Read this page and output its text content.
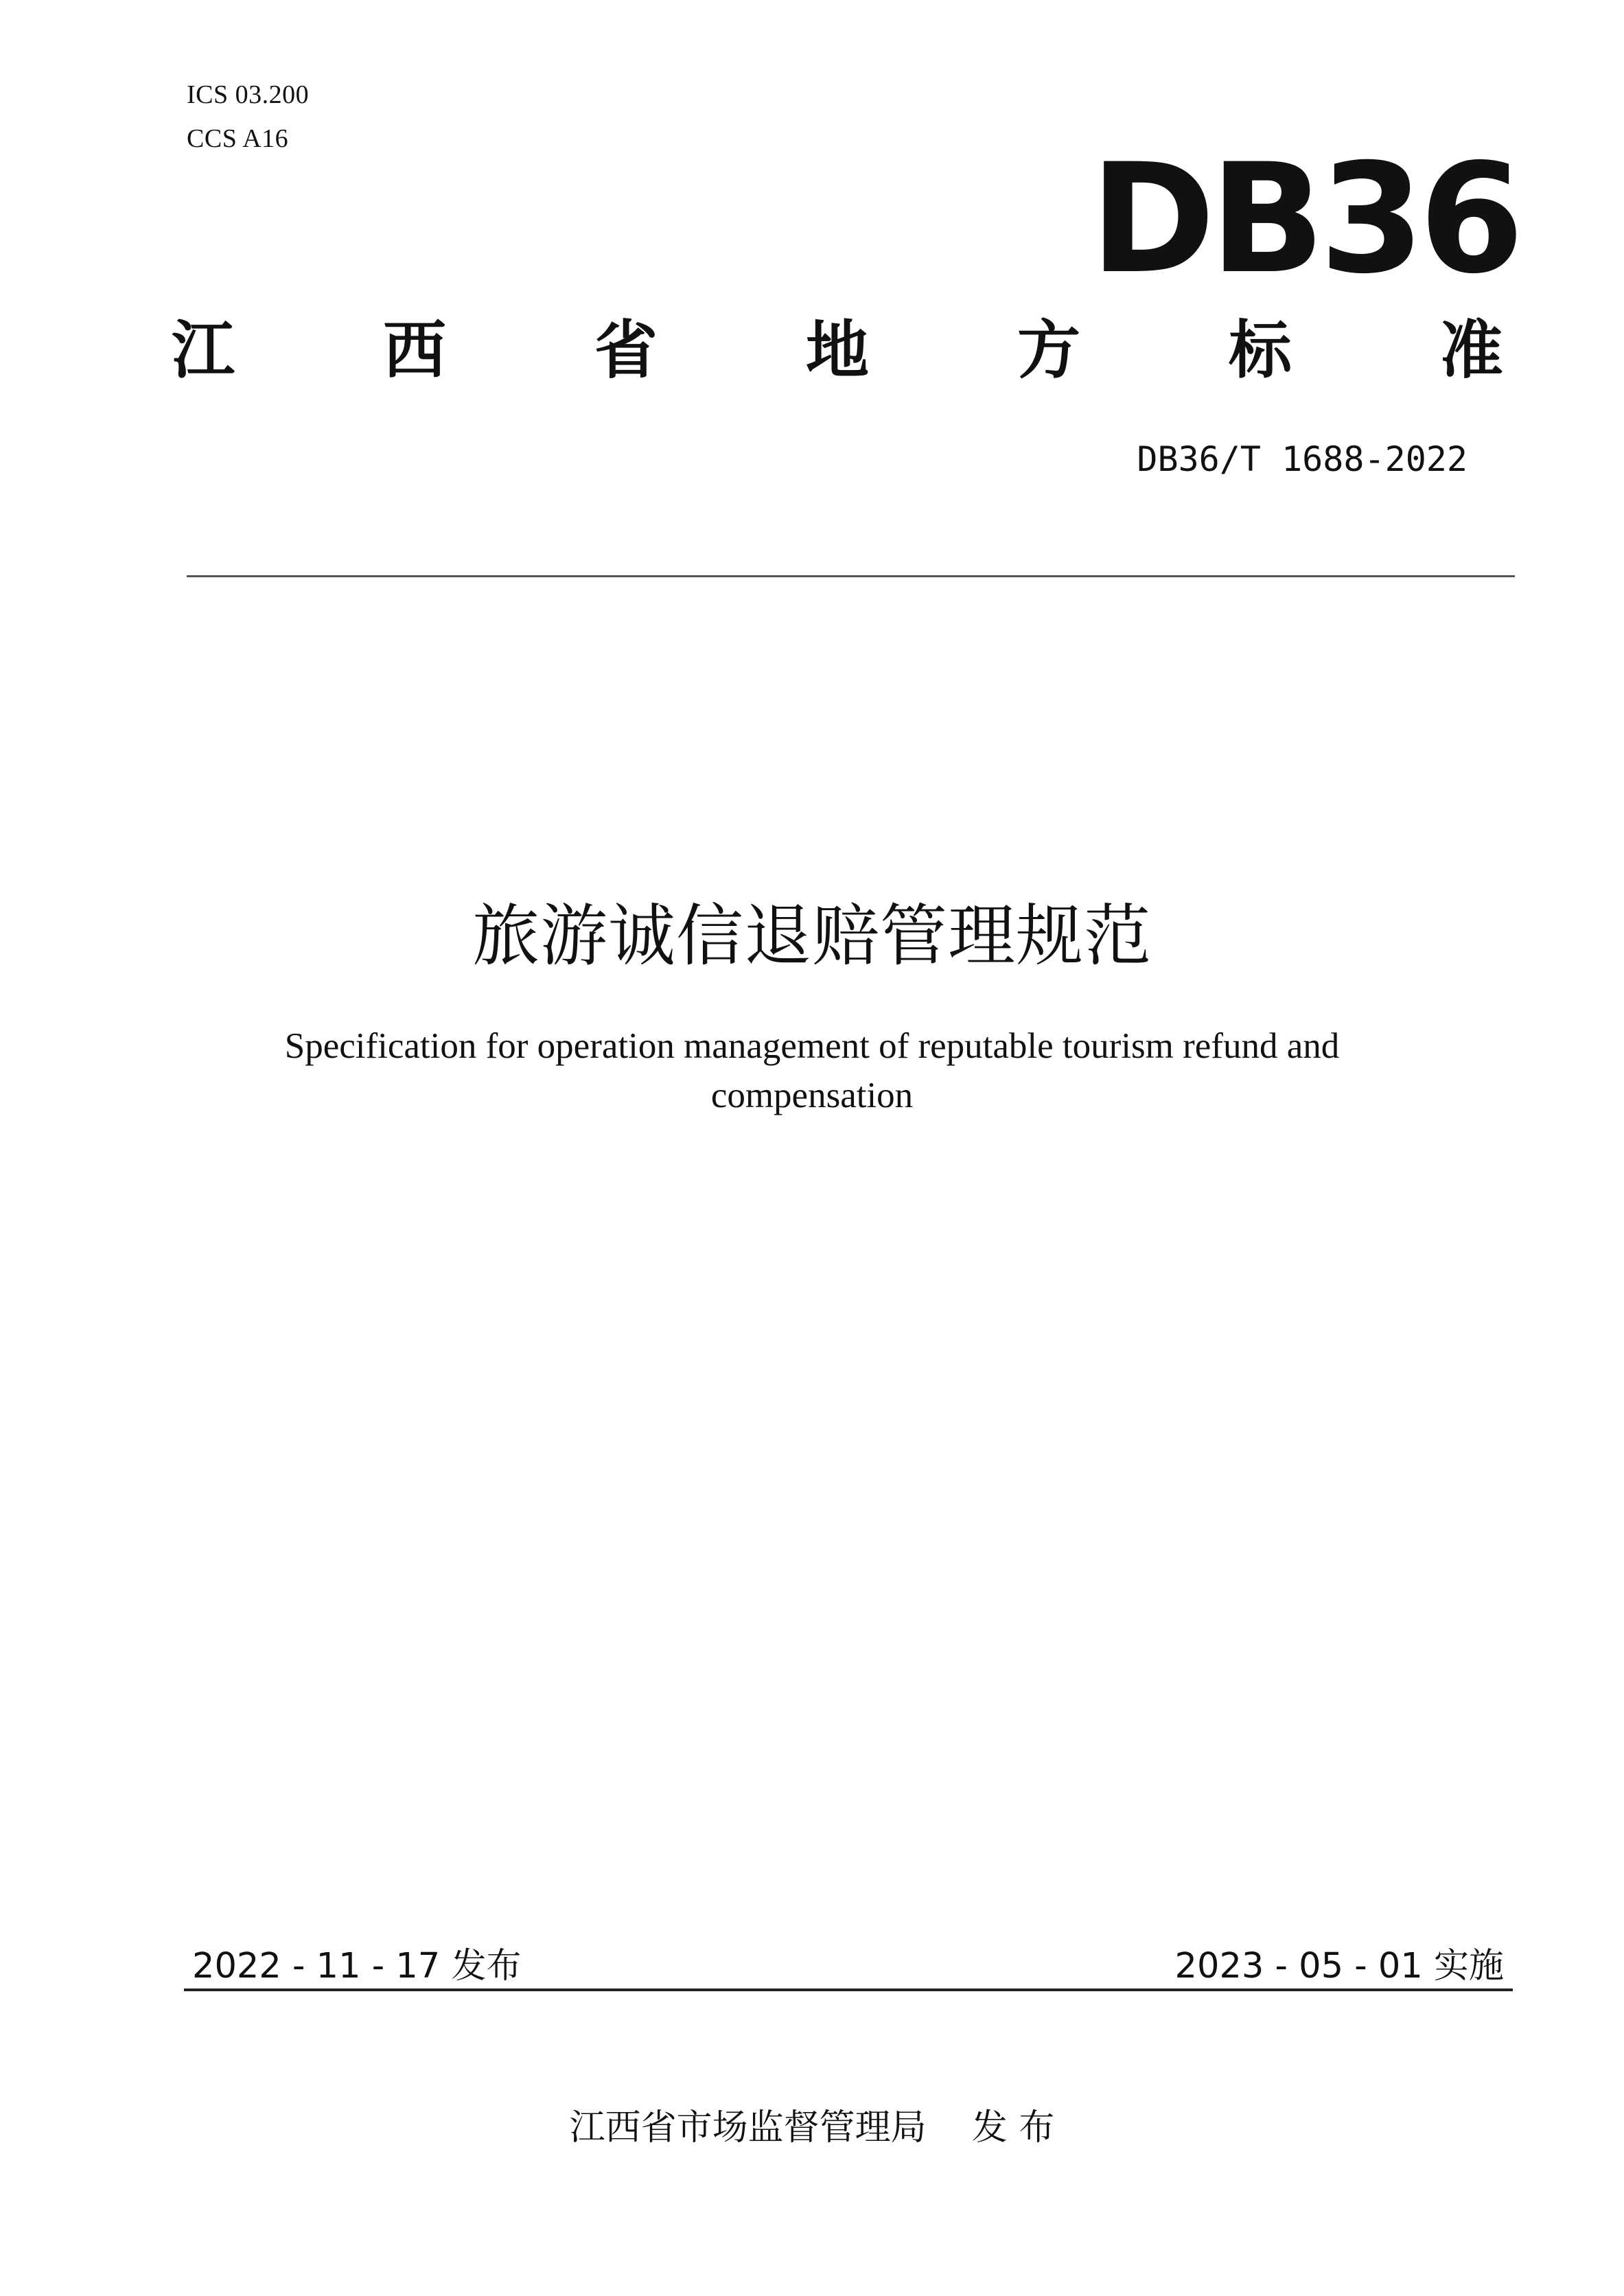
ICS 03.200
CCS A16	DB36
江 西 省 地 方 标 准
DB36/T 1688-2022
旅游诚信退赔管理规范
Specification for operation management of reputable tourism refund and compensation
2022 - 11 - 17 发布	2023 - 05 - 01 实施
江西省市场监督管理局    发 布
